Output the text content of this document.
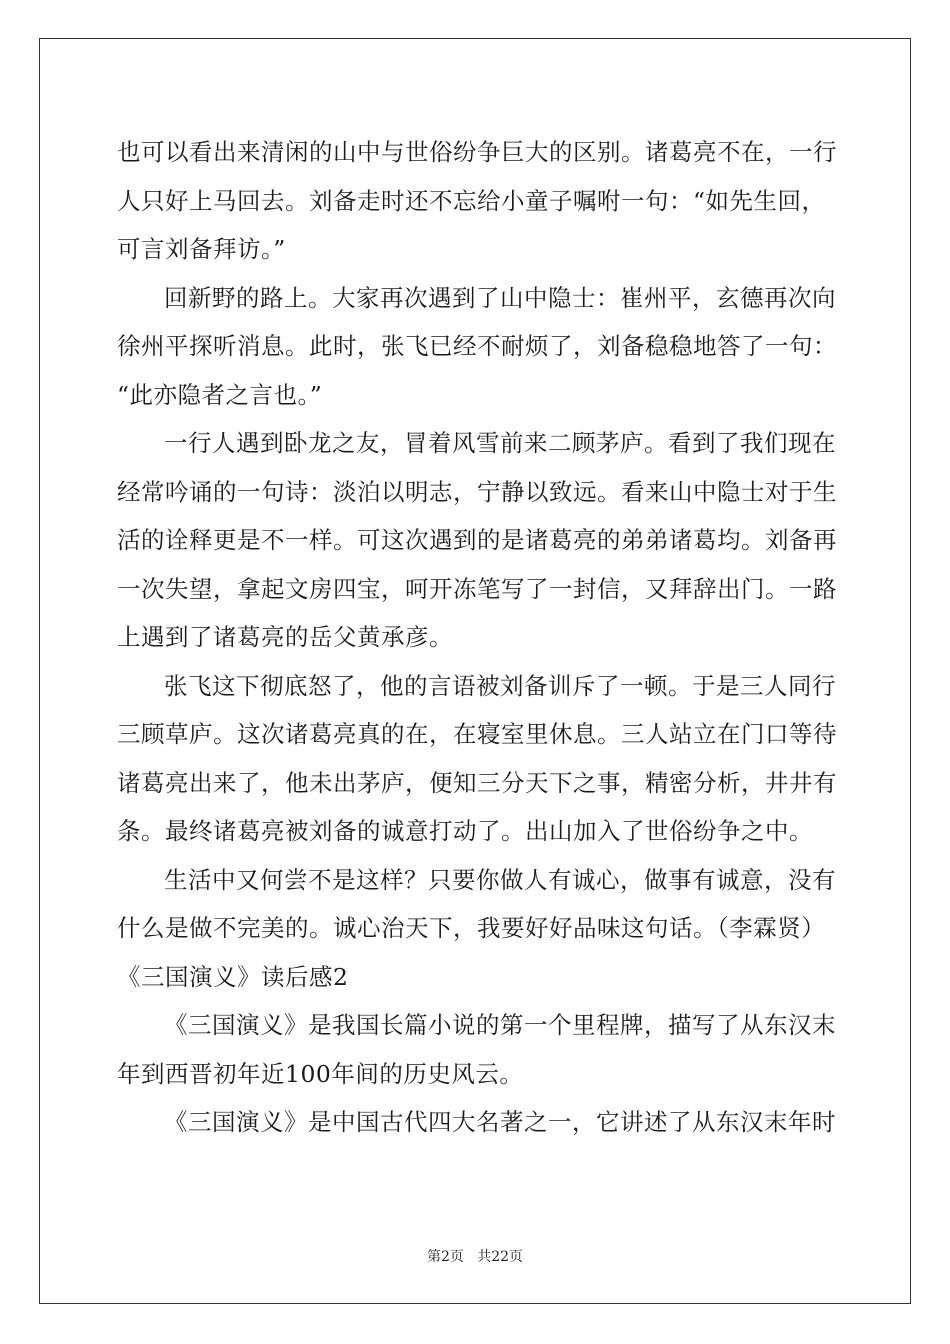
也可以看出来清闲的山中与世俗纷争巨大的区别。诸葛亮不在，一行
人只好上马回去。刘备走时还不忘给小童子嘱咐一句：“如先生回，
可言刘备拜访。”
回新野的路上。大家再次遇到了山中隐士：崔州平，玄德再次向
徐州平探听消息。此时，张飞已经不耐烦了，刘备稳稳地答了一句：
“此亦隐者之言也。”
一行人遇到卧龙之友，冒着风雪前来二顾茅庐。看到了我们现在
经常吟诵的一句诗：淡泊以明志，宁静以致远。看来山中隐士对于生
活的诠释更是不一样。可这次遇到的是诸葛亮的弟弟诸葛均。刘备再
一次失望，拿起文房四宝，呵开冻笔写了一封信，又拜辞出门。一路
上遇到了诸葛亮的岳父黄承彦。
张飞这下彻底怒了，他的言语被刘备训斥了一顿。于是三人同行
三顾草庐。这次诸葛亮真的在，在寝室里休息。三人站立在门口等待
诸葛亮出来了，他未出茅庐，便知三分天下之事，精密分析，井井有
条。最终诸葛亮被刘备的诚意打动了。出山加入了世俗纷争之中。
生活中又何尝不是这样？只要你做人有诚心，做事有诚意，没有
什么是做不完美的。诚心治天下，我要好好品味这句话。（李霖贤）
《三国演义》读后感2
《三国演义》是我国长篇小说的第一个里程牌，描写了从东汉末
年到西晋初年近100年间的历史风云。
《三国演义》是中国古代四大名著之一，它讲述了从东汉末年时
第2页   共22页
